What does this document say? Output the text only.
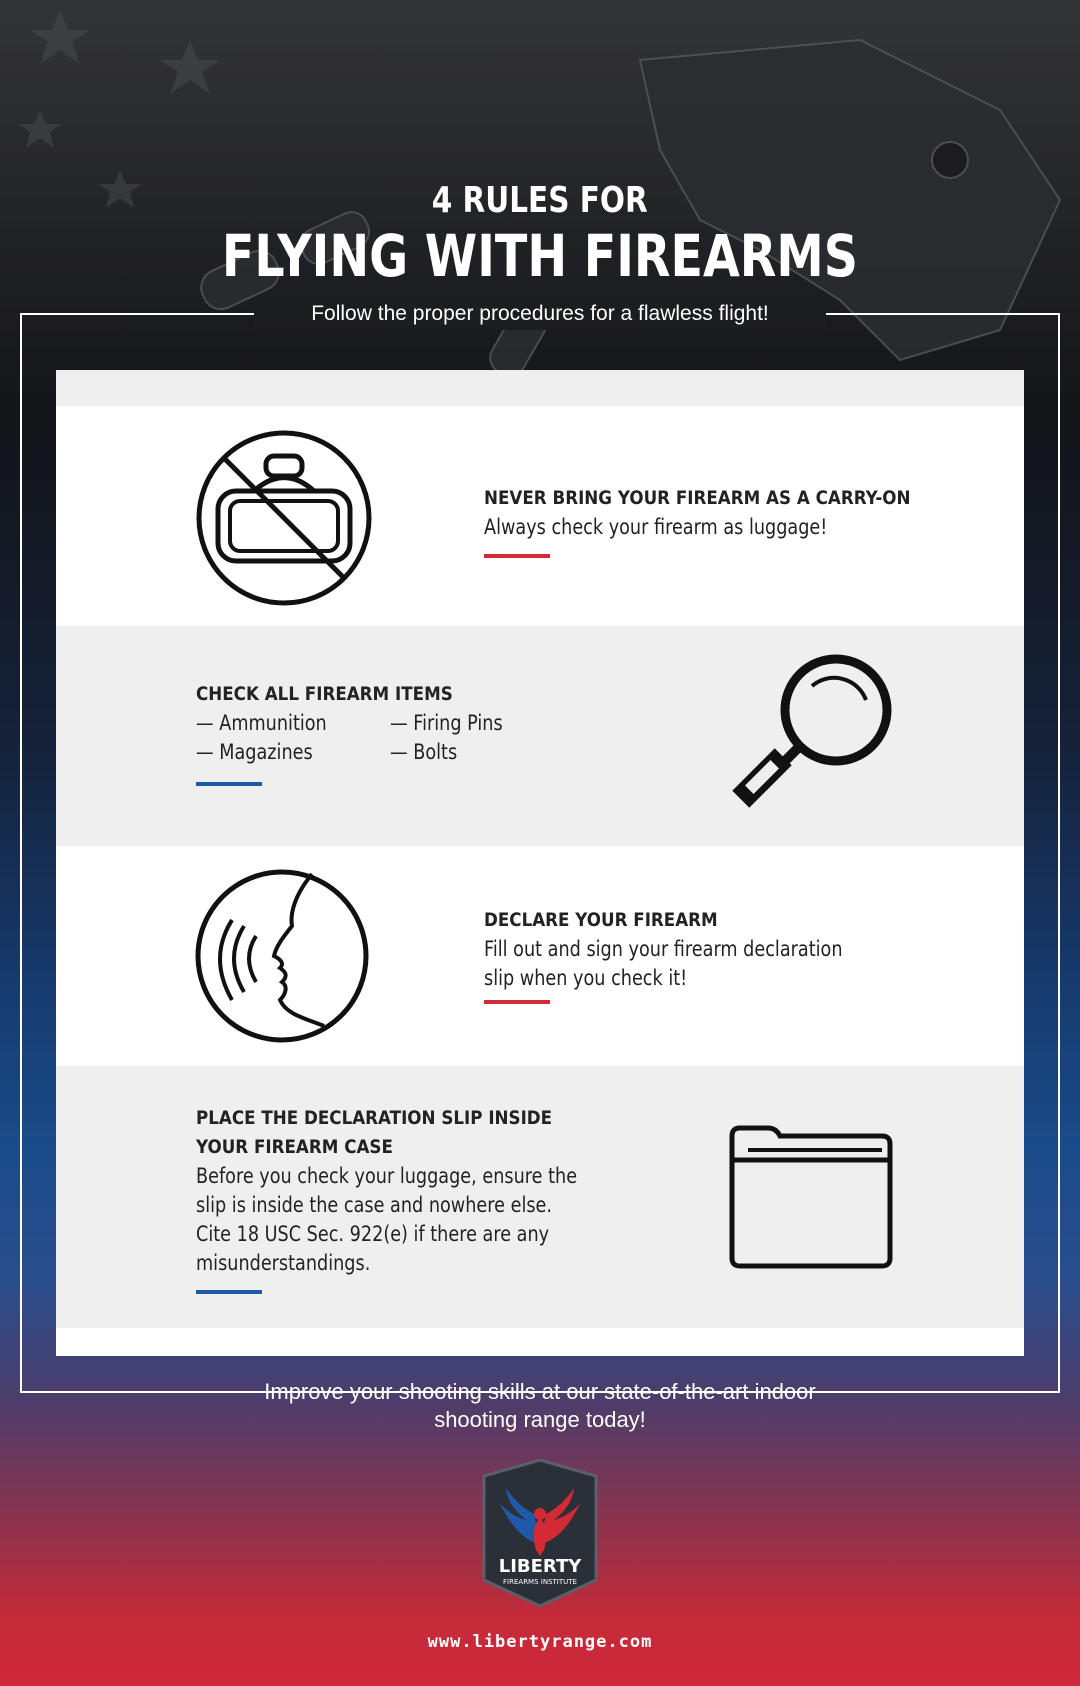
4 RULES FOR
FLYING WITH FIREARMS
Follow the proper procedures for a flawless flight!
NEVER BRING YOUR FIREARM AS A CARRY-ON
Always check your firearm as luggage!
CHECK ALL FIREARM ITEMS
— Ammunition	— Firing Pins
— Magazines	— Bolts
DECLARE YOUR FIREARM
Fill out and sign your firearm declaration
slip when you check it!
PLACE THE DECLARATION SLIP INSIDE
YOUR FIREARM CASE
Before you check your luggage, ensure the
slip is inside the case and nowhere else.
Cite 18 USC Sec. 922(e) if there are any
misunderstandings.
Improve your shooting skills at our state-of-the-art indoor
shooting range today!
LIBERTY
FIREARMS INSTITUTE
www.libertyrange.com
